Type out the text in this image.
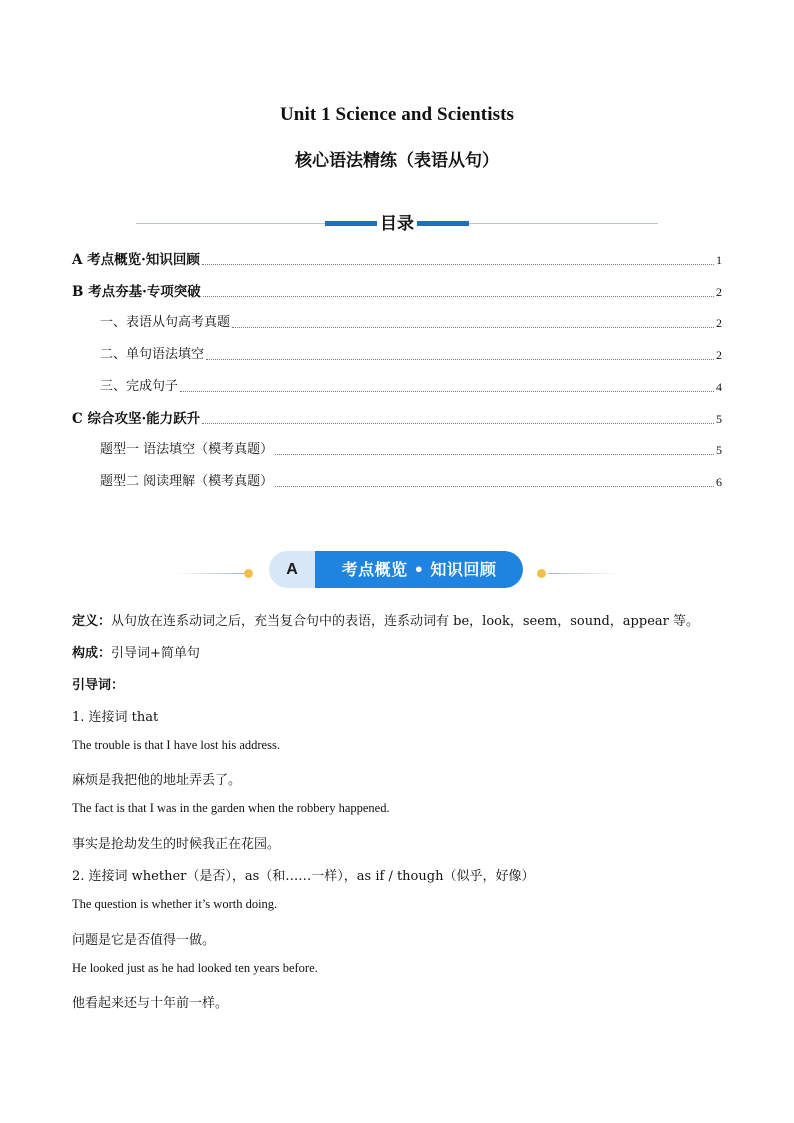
Unit 1 Science and Scientists
核心语法精练（表语从句）
目录
A 考点概览·知识回顾	1
B 考点夯基·专项突破	2
一、表语从句高考真题	2
二、单句语法填空	2
三、完成句子	4
C 综合攻坚·能力跃升	5
题型一 语法填空（模考真题）	5
题型二 阅读理解（模考真题）	6
A	考点概览 • 知识回顾
定义：从句放在连系动词之后，充当复合句中的表语，连系动词有 be，look，seem，sound，appear 等。
构成：引导词+简单句
引导词：
1. 连接词 that
The trouble is that I have lost his address.
麻烦是我把他的地址弄丢了。
The fact is that I was in the garden when the robbery happened.
事实是抢劫发生的时候我正在花园。
2. 连接词 whether（是否），as（和……一样），as if / though（似乎，好像）
The question is whether it’s worth doing.
问题是它是否值得一做。
He looked just as he had looked ten years before.
他看起来还与十年前一样。
